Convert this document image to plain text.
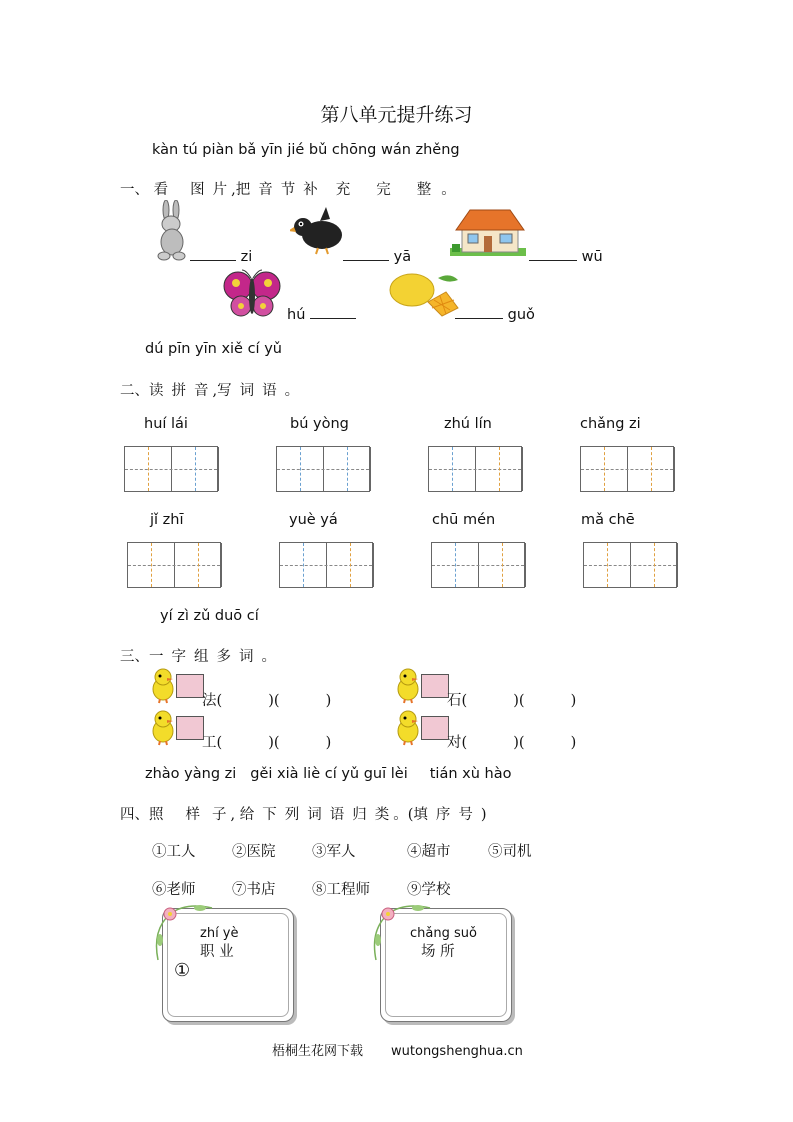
第八单元提升练习
kàn tú piàn bǎ yīn jié bǔ chōng wán zhěng
一、 看 图 片 ,把 音 节 补 充 完 整 。
zi	yā	wū
hú	guǒ
dú pīn yīn xiě cí yǔ
二、读 拼 音 ,写 词 语 。
huí lái	bú yòng	zhú lín	chǎng zi
jǐ zhī	yuè yá	chū mén	mǎ chē
yí zì zǔ duō cí
三、一 字 组 多 词 。
法(          )(          )	石(          )(          )
工(          )(          )	对(          )(          )
zhào yàng zi gěi xià liè cí yǔ guī lèi tián xù hào
四、照 样 子 , 给 下 列 词 语 归 类 。(填 序 号 )
①工人	②医院	③军人	④超市	⑤司机
⑥老师	⑦书店	⑧工程师	⑨学校
zhí yè
职 业
①
chǎng suǒ
场 所
梧桐生花网下载 wutongshenghua.cn
